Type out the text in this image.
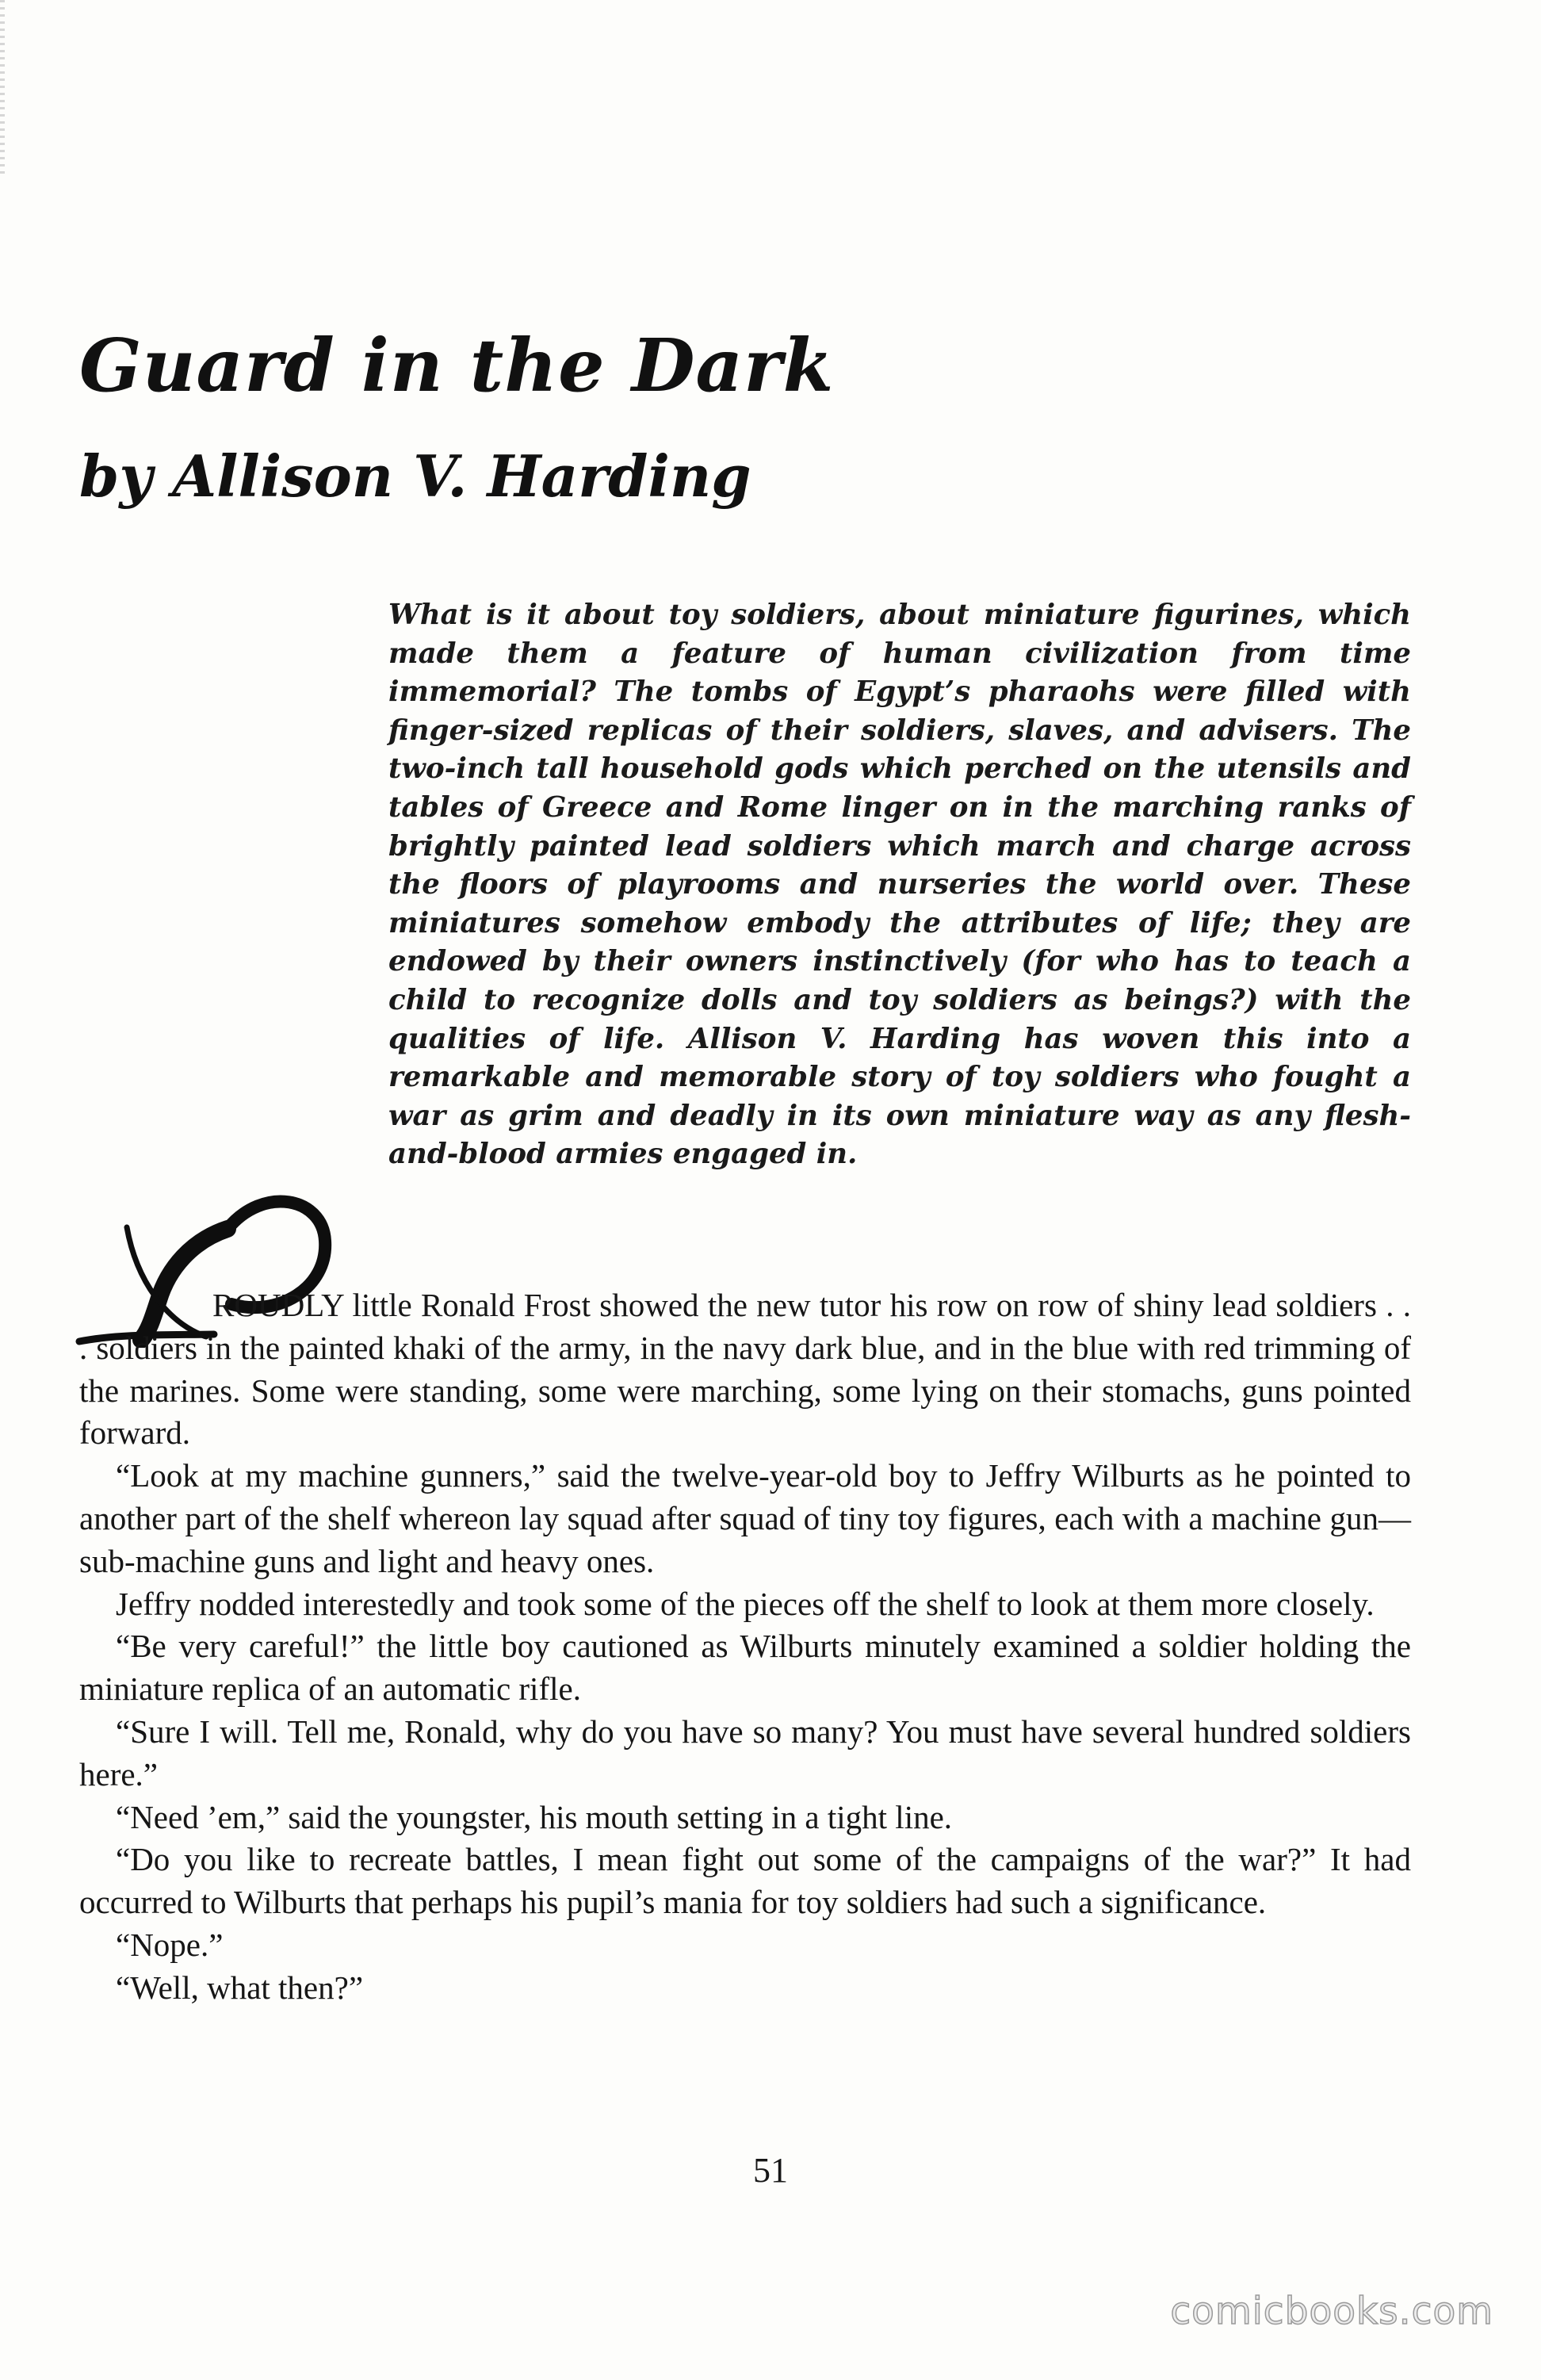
Guard in the Dark
by Allison V. Harding
What is it about toy soldiers, about miniature figurines, which made them a feature of human civilization from time immemorial? The tombs of Egypt’s pharaohs were filled with finger-sized replicas of their soldiers, slaves, and advisers. The two-inch tall household gods which perched on the utensils and tables of Greece and Rome linger on in the marching ranks of brightly painted lead soldiers which march and charge across the floors of playrooms and nurseries the world over. These miniatures somehow embody the attributes of life; they are endowed by their owners instinctively (for who has to teach a child to recognize dolls and toy soldiers as beings?) with the qualities of life. Allison V. Harding has woven this into a remarkable and memorable story of toy soldiers who fought a war as grim and deadly in its own miniature way as any flesh-and-blood armies engaged in.

ROUDLY little Ronald Frost showed the new tutor his row on row of shiny lead soldiers . . . soldiers in the painted khaki of the army, in the navy dark blue, and in the blue with red trimming of the marines. Some were standing, some were marching, some lying on their stomachs, guns pointed forward.

“Look at my machine gunners,” said the twelve-year-old boy to Jeffry Wilburts as he pointed to another part of the shelf whereon lay squad after squad of tiny toy figures, each with a machine gun—sub-machine guns and light and heavy ones.

Jeffry nodded interestedly and took some of the pieces off the shelf to look at them more closely.

“Be very careful!” the little boy cautioned as Wilburts minutely examined a soldier holding the miniature replica of an automatic rifle.

“Sure I will. Tell me, Ronald, why do you have so many? You must have several hundred soldiers here.”

“Need ’em,” said the youngster, his mouth setting in a tight line.

“Do you like to recreate battles, I mean fight out some of the campaigns of the war?” It had occurred to Wilburts that perhaps his pupil’s mania for toy soldiers had such a significance.

“Nope.”

“Well, what then?”

51
comicbooks.com
